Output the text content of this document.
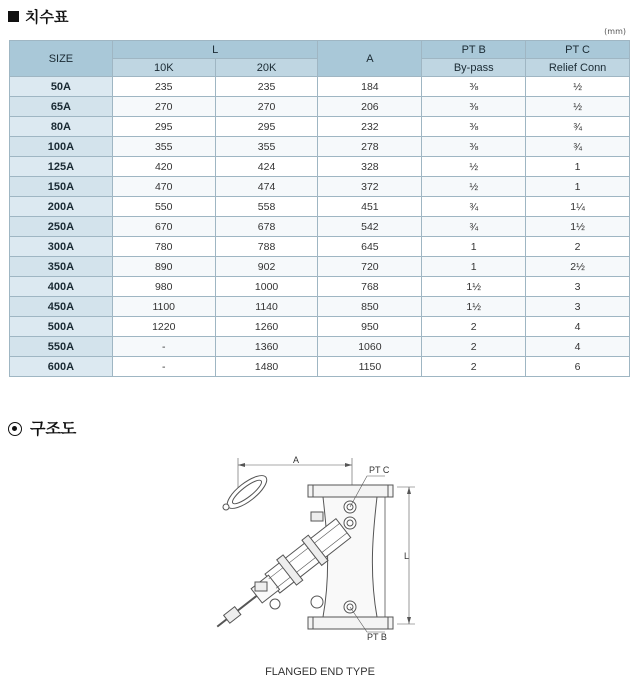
치수표
(mm)
SIZE	L		A	PT B	PT C
	10K	20K		By-pass	Relief Conn
50A	235	235	184	⅜	½
65A	270	270	206	⅜	½
80A	295	295	232	⅜	¾
100A	355	355	278	⅜	¾
125A	420	424	328	½	1
150A	470	474	372	½	1
200A	550	558	451	¾	1¼
250A	670	678	542	¾	1½
300A	780	788	645	1	2
350A	890	902	720	1	2½
400A	980	1000	768	1½	3
450A	1100	1140	850	1½	3
500A	1220	1260	950	2	4
550A	-	1360	1060	2	4
600A	-	1480	1150	2	6
구조도
A
PT C
PT B
L
FLANGED END TYPE
